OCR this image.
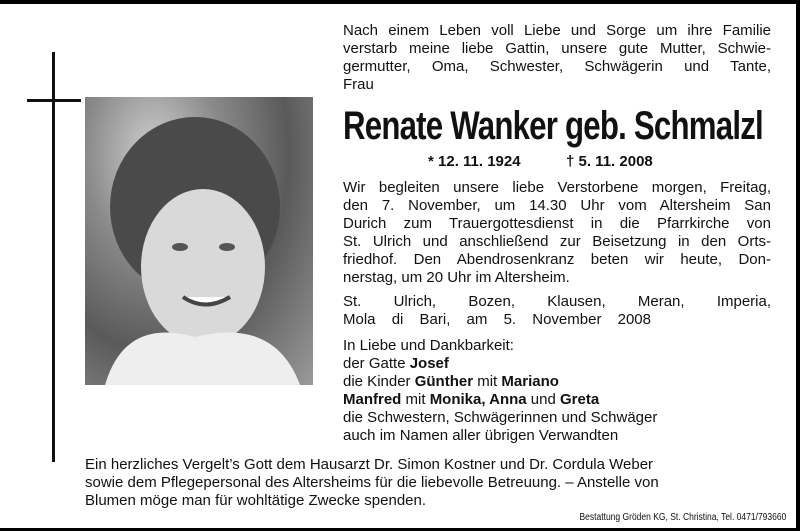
Nach einem Leben voll Liebe und Sorge um ihre Familie
verstarb meine liebe Gattin, unsere gute Mutter, Schwie-
germutter, Oma, Schwester, Schwägerin und Tante,
Frau
Renate Wanker geb. Schmalzl
* 12. 11. 1924	† 5. 11. 2008
Wir begleiten unsere liebe Verstorbene morgen, Freitag,
den 7. November, um 14.30 Uhr vom Altersheim San
Durich zum Trauergottesdienst in die Pfarrkirche von
St. Ulrich und anschließend zur Beisetzung in den Orts-
friedhof. Den Abendrosenkranz beten wir heute, Don-
nerstag, um 20 Uhr im Altersheim.
St. Ulrich, Bozen, Klausen, Meran, Imperia,
Mola di Bari, am 5. November 2008
In Liebe und Dankbarkeit:
der Gatte Josef
die Kinder Günther mit Mariano
Manfred mit Monika, Anna und Greta
die Schwestern, Schwägerinnen und Schwäger
auch im Namen aller übrigen Verwandten
Ein herzliches Vergelt’s Gott dem Hausarzt Dr. Simon Kostner und Dr. Cordula Weber
sowie dem Pflegepersonal des Altersheims für die liebevolle Betreuung. – Anstelle von
Blumen möge man für wohltätige Zwecke spenden.
Bestattung Gröden KG, St. Christina, Tel. 0471/793660
